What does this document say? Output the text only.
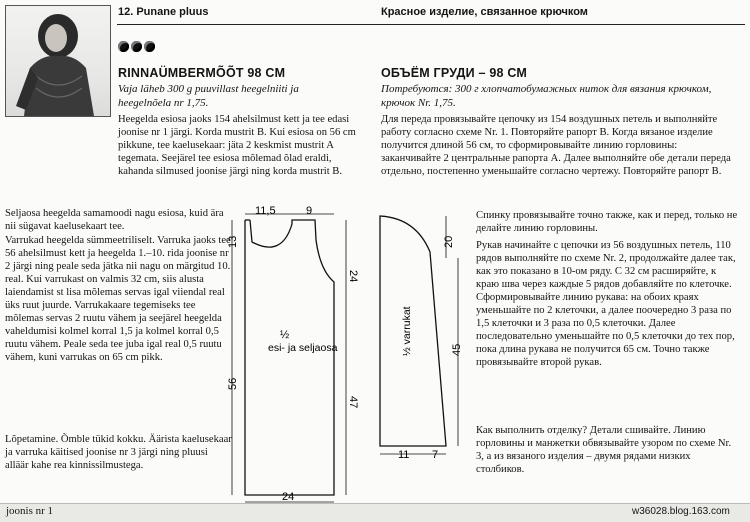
12. Punane pluus	Красное изделие, связанное крючком
RINNAÜMBERMÕÕT 98 CM
Vaja läheb 300 g puuvillast heegelniiti ja heegelnõela nr 1,75.
Heegelda esiosa jaoks 154 ahelsilmust kett ja tee edasi joonise nr 1 järgi. Korda mustrit B. Kui esiosa on 56 cm pikkune, tee kaelusekaar: jäta 2 keskmist mustrit A tegemata. Seejärel tee esiosa mõlemad õlad eraldi, kahanda silmused joonise järgi ning korda mustrit B.
Seljaosa heegelda samamoodi nagu esiosa, kuid ära nii sügavat kaelusekaart tee.
Varrukad heegelda sümmeetriliselt. Varruka jaoks tee 56 ahelsilmust kett ja heegelda 1.–10. rida joonise nr 2 järgi ning peale seda jätka nii nagu on märgitud 10. real. Kui varrukast on valmis 32 cm, siis alusta laiendamist st lisa mõlemas servas igal viiendal real üks ruut juurde. Varrukakaare tegemiseks tee mõlemas servas 2 ruutu vähem ja seejärel heegelda vaheldumisi kolmel korral 1,5 ja kolmel korral 0,5 ruutu vähem. Peale seda tee juba igal real 0,5 ruutu vähem, kuni varrukas on 65 cm pikk.
Lõpetamine. Õmble tükid kokku. Äärista kaelusekaar ja varruka käitised joonise nr 3 järgi ning pluusi alläär kahe rea kinnissilmustega.
11,5	9
13
56
24
47
24
½
esi- ja seljaosa
20
45
11 7
½ varrukat
ОБЪЁМ ГРУДИ – 98 СМ
Потребуются: 300 г хлопчатобумажных ниток для вязания крючком, крючок Nr. 1,75.
Для переда провязывайте цепочку из 154 воздушных петель и выполняйте работу согласно схеме Nr. 1. Повторяйте рапорт B. Когда вязаное изделие получится длиной 56 см, то сформировывайте линию горловины: заканчивайте 2 центральные рапорта A. Далее выполняйте обе детали переда отдельно, постепенно уменьшайте согласно чертежу. Повторяйте рапорт B.
Спинку провязывайте точно также, как и перед, только не делайте линию горловины.
Рукав начинайте с цепочки из 56 воздушных петель, 110 рядов выполняйте по схеме Nr. 2, продолжайте далее так, как это показано в 10-ом ряду. С 32 см расширяйте, к краю шва через каждые 5 рядов добавляйте по клеточке. Сформировывайте линию рукава: на обоих краях уменьшайте по 2 клеточки, а далее поочередно 3 раза по 1,5 клеточки и 3 раза по 0,5 клеточки. Далее последовательно уменьшайте по 0,5 клеточки до тех пор, пока длина рукава не получится 65 см. Точно также провязывайте второй рукав.
Как выполнить отделку? Детали сшивайте. Линию горловины и манжетки обвязывайте узором по схеме Nr. 3, а из вязаного изделия – двумя рядами низких столбиков.
joonis nr 1	w36028.blog.163.com
